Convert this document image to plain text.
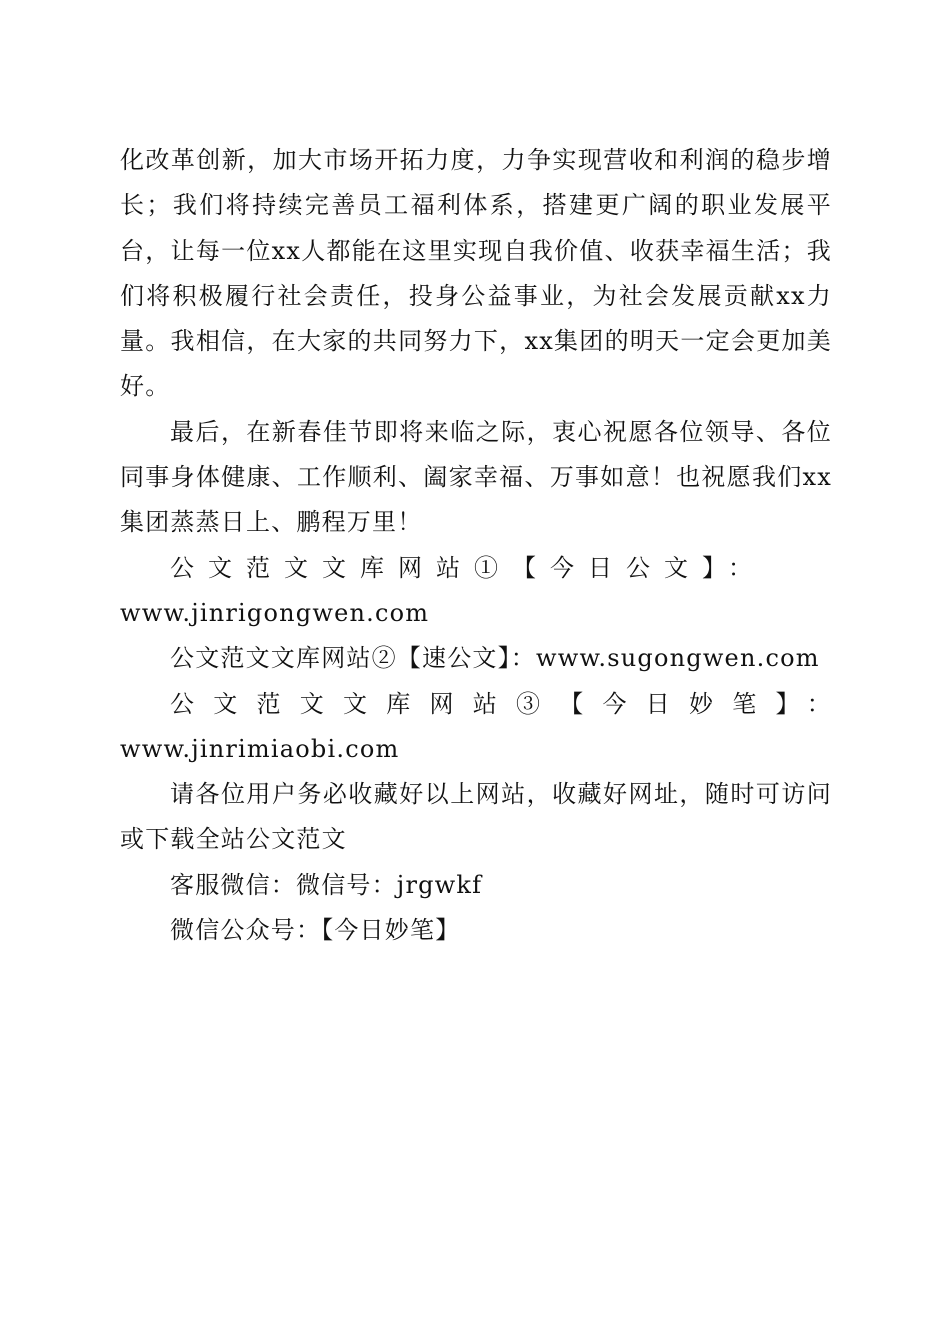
化改革创新，加大市场开拓力度，力争实现营收和利润的稳步增长；我们将持续完善员工福利体系，搭建更广阔的职业发展平台，让每一位xx人都能在这里实现自我价值、收获幸福生活；我们将积极履行社会责任，投身公益事业，为社会发展贡献xx力量。我相信，在大家的共同努力下，xx集团的明天一定会更加美好。

最后，在新春佳节即将来临之际，衷心祝愿各位领导、各位同事身体健康、工作顺利、阖家幸福、万事如意！也祝愿我们xx集团蒸蒸日上、鹏程万里！

公文范文文库网站①【今日公文】：

www.jinrigongwen.com

公文范文文库网站②【速公文】：www.sugongwen.com

公文范文文库网站③【今日妙笔】：www.jinrimiaobi.com

请各位用户务必收藏好以上网站，收藏好网址，随时可访问或下载全站公文范文

客服微信：微信号：jrgwkf

微信公众号：【今日妙笔】
